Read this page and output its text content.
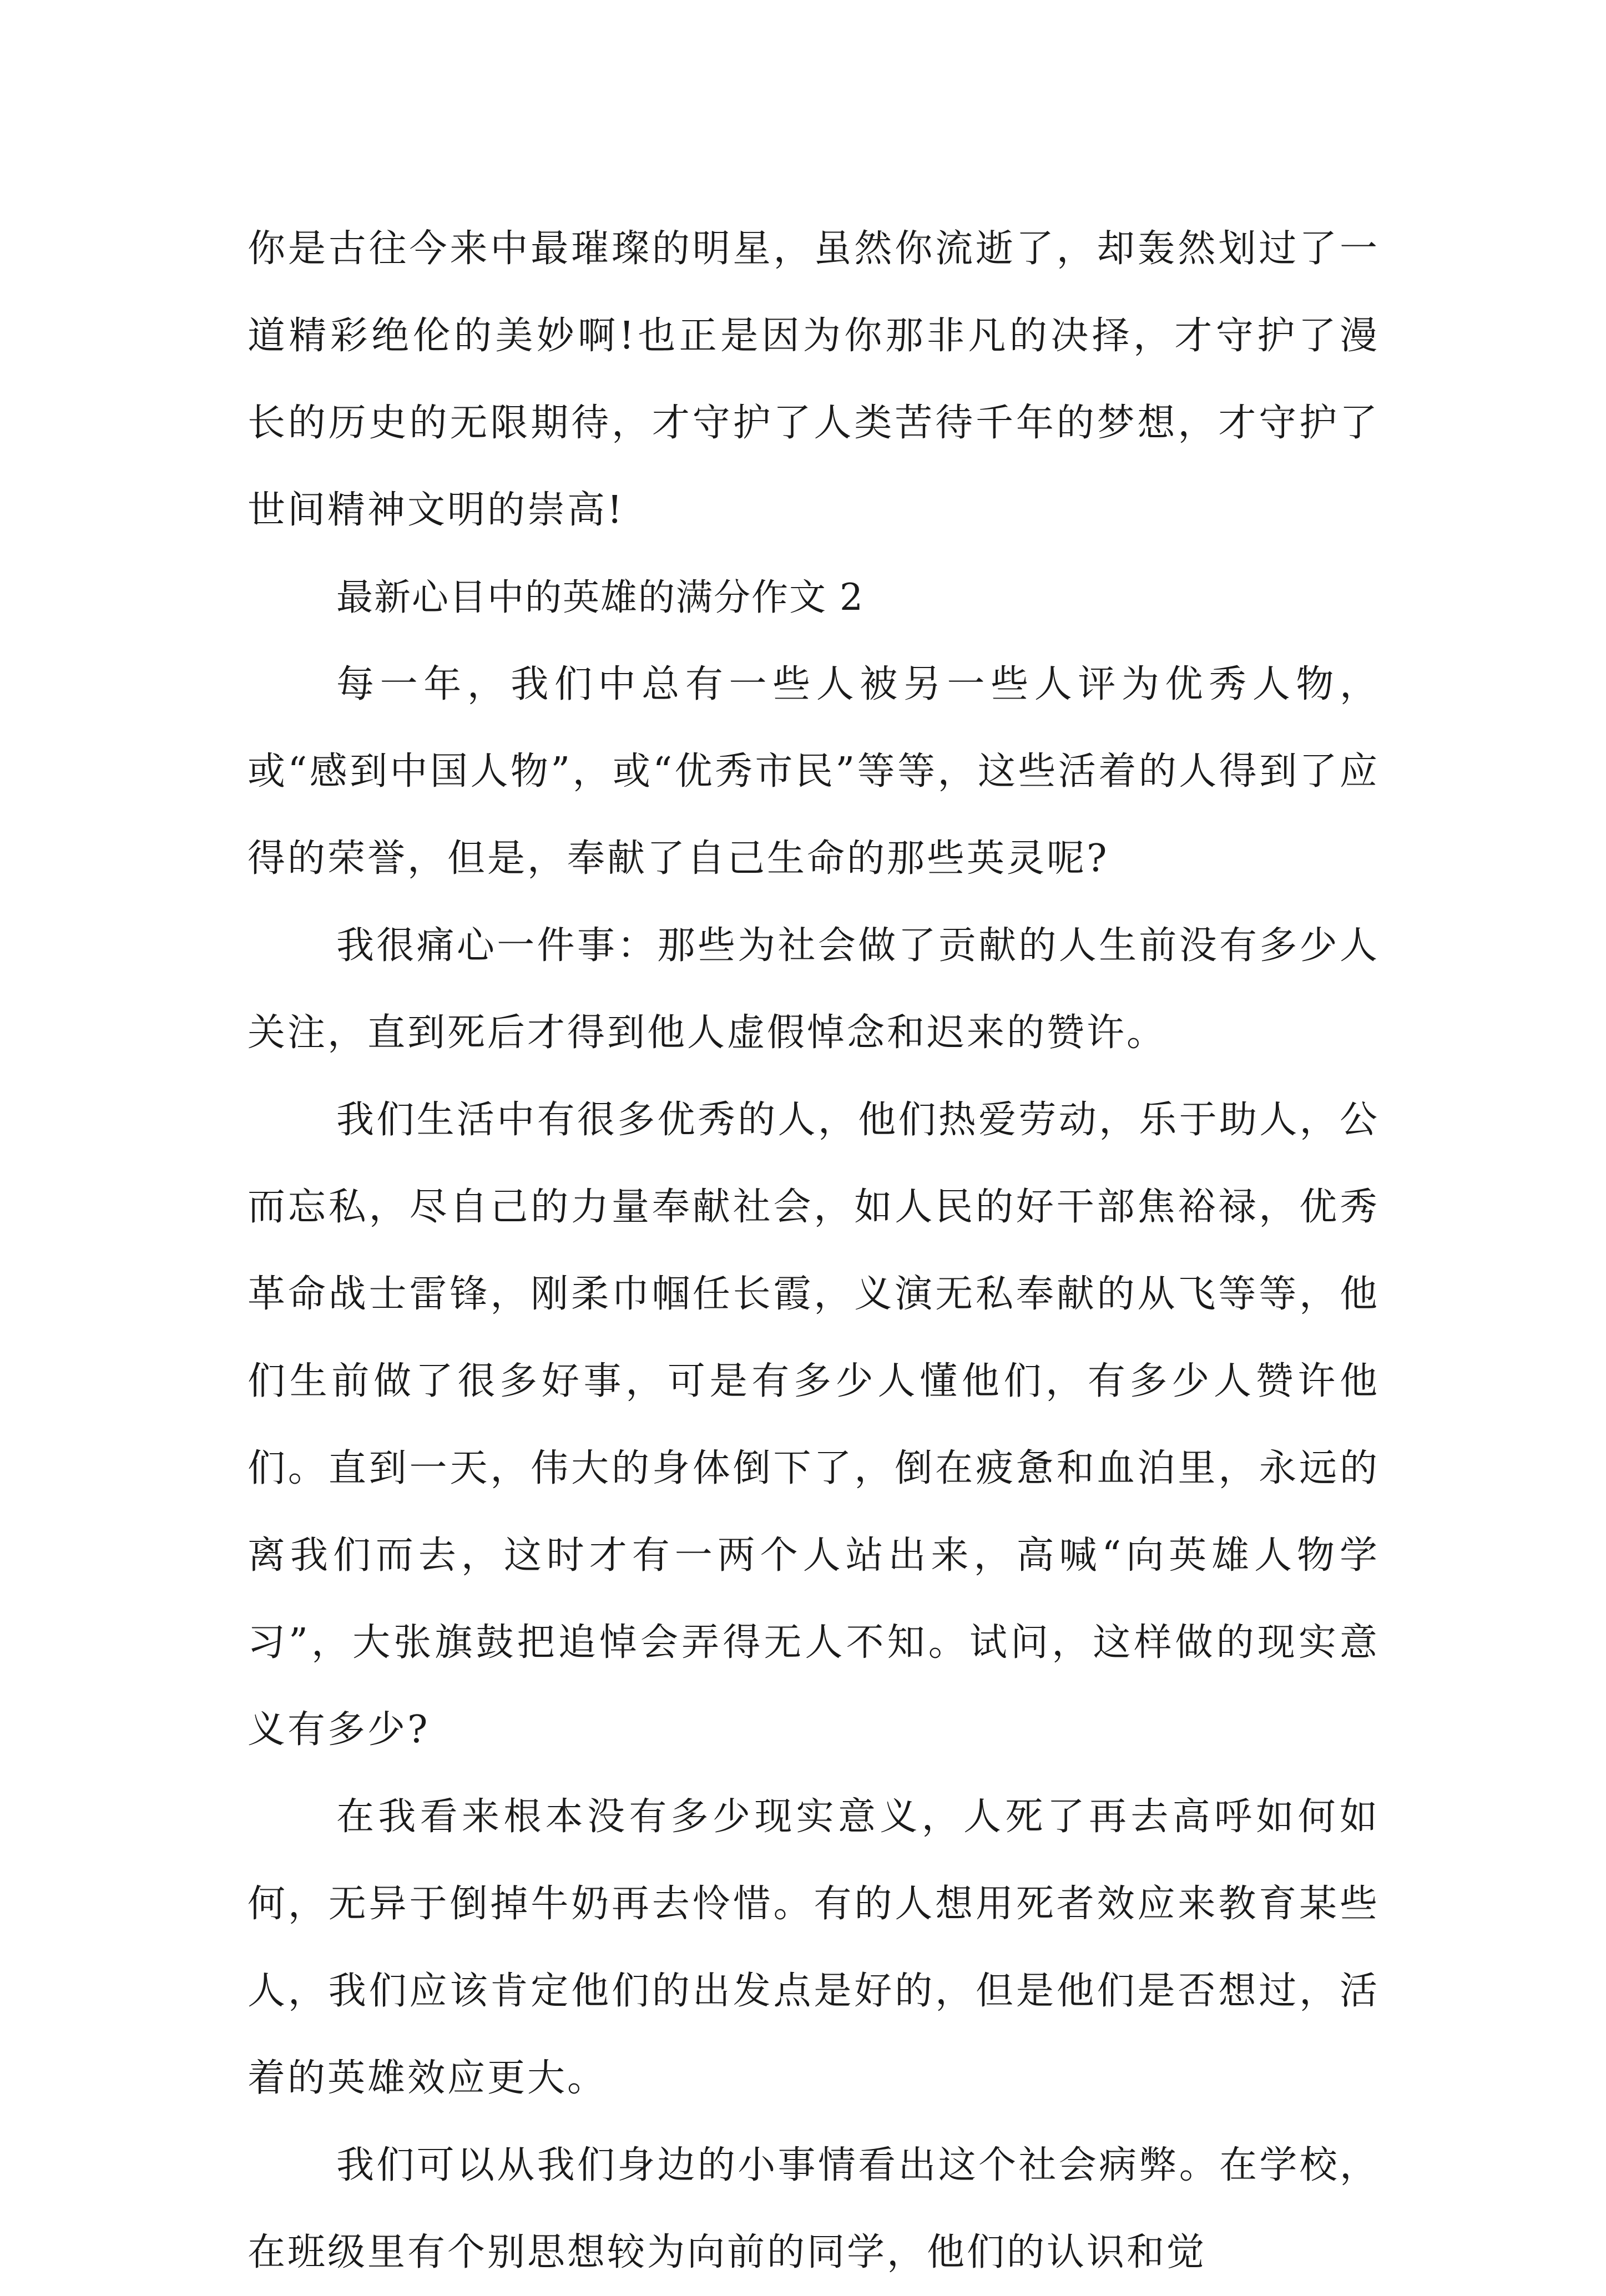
你是古往今来中最璀璨的明星，虽然你流逝了，却轰然划过了一道精彩绝伦的美妙啊!也正是因为你那非凡的决择，才守护了漫长的历史的无限期待，才守护了人类苦待千年的梦想，才守护了世间精神文明的崇高!

最新心目中的英雄的满分作文 2

每一年，我们中总有一些人被另一些人评为优秀人物，或“感到中国人物”，或“优秀市民”等等，这些活着的人得到了应得的荣誉，但是，奉献了自己生命的那些英灵呢?

我很痛心一件事：那些为社会做了贡献的人生前没有多少人关注，直到死后才得到他人虚假悼念和迟来的赞许。

我们生活中有很多优秀的人，他们热爱劳动，乐于助人，公而忘私，尽自己的力量奉献社会，如人民的好干部焦裕禄，优秀革命战士雷锋，刚柔巾帼任长霞，义演无私奉献的从飞等等，他们生前做了很多好事，可是有多少人懂他们，有多少人赞许他们。直到一天，伟大的身体倒下了，倒在疲惫和血泊里，永远的离我们而去，这时才有一两个人站出来，高喊“向英雄人物学习”，大张旗鼓把追悼会弄得无人不知。试问，这样做的现实意义有多少?

在我看来根本没有多少现实意义，人死了再去高呼如何如何，无异于倒掉牛奶再去怜惜。有的人想用死者效应来教育某些人，我们应该肯定他们的出发点是好的，但是他们是否想过，活着的英雄效应更大。

我们可以从我们身边的小事情看出这个社会病弊。在学校，在班级里有个别思想较为向前的同学，他们的认识和觉
